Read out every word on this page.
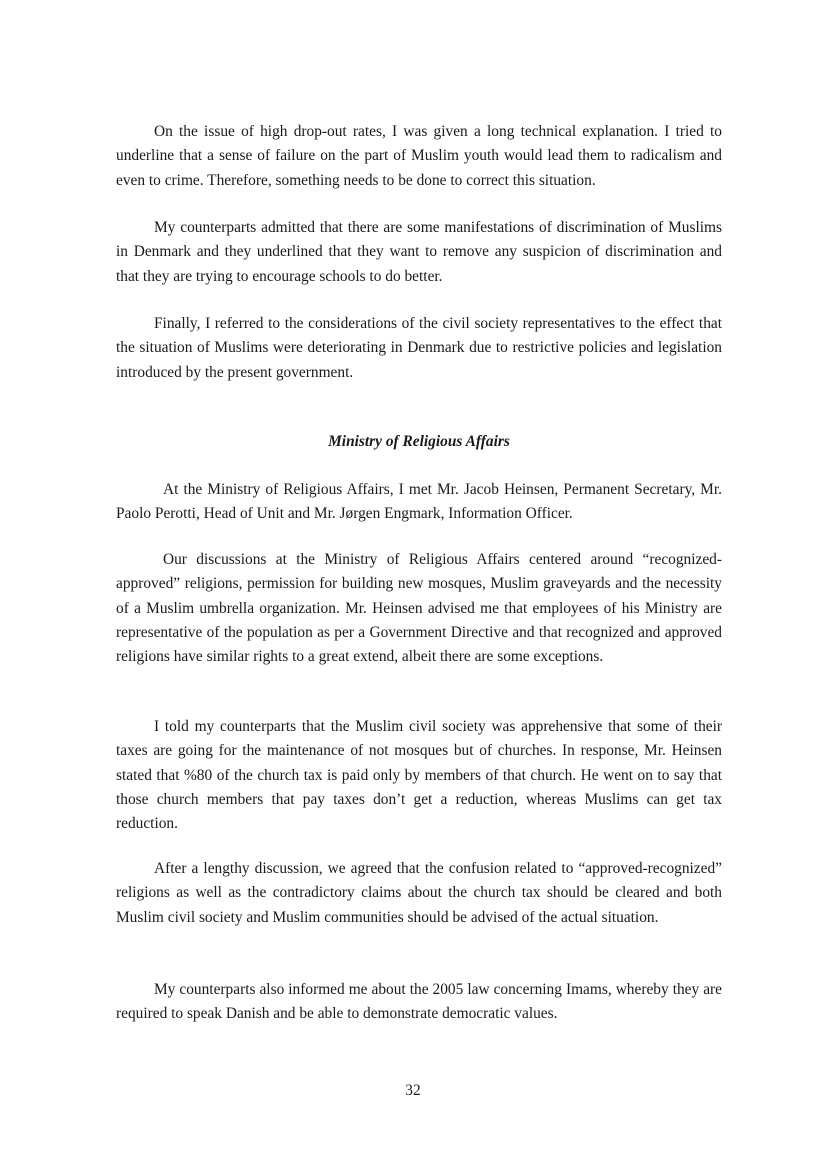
On the issue of high drop-out rates, I was given a long technical explanation. I tried to underline that a sense of failure on the part of Muslim youth would lead them to radicalism and even to crime. Therefore, something needs to be done to correct this situation.

My counterparts admitted that there are some manifestations of discrimination of Muslims in Denmark and they underlined that they want to remove any suspicion of discrimination and that they are trying to encourage schools to do better.

Finally, I referred to the considerations of the civil society representatives to the effect that the situation of Muslims were deteriorating in Denmark due to restrictive policies and legislation introduced by the present government.

Ministry of Religious Affairs

At the Ministry of Religious Affairs, I met Mr. Jacob Heinsen, Permanent Secretary, Mr. Paolo Perotti, Head of Unit and Mr. Jørgen Engmark, Information Officer.

Our discussions at the Ministry of Religious Affairs centered around “recognized-approved” religions, permission for building new mosques, Muslim graveyards and the necessity of a Muslim umbrella organization. Mr. Heinsen advised me that employees of his Ministry are representative of the population as per a Government Directive and that recognized and approved religions have similar rights to a great extend, albeit there are some exceptions.

I told my counterparts that the Muslim civil society was apprehensive that some of their taxes are going for the maintenance of not mosques but of churches. In response, Mr. Heinsen stated that %80 of the church tax is paid only by members of that church. He went on to say that those church members that pay taxes don’t get a reduction, whereas Muslims can get tax reduction.

After a lengthy discussion, we agreed that the confusion related to “approved-recognized” religions as well as the contradictory claims about the church tax should be cleared and both Muslim civil society and Muslim communities should be advised of the actual situation.

My counterparts also informed me about the 2005 law concerning Imams, whereby they are required to speak Danish and be able to demonstrate democratic values.

32
